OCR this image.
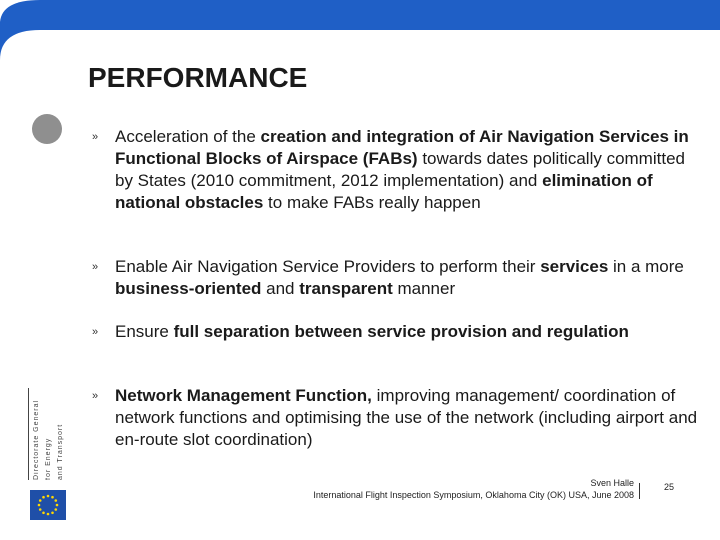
PERFORMANCE
» Acceleration of the creation and integration of Air Navigation Services in Functional Blocks of Airspace (FABs) towards dates politically committed by States (2010 commitment, 2012 implementation) and elimination of national obstacles to make FABs really happen
» Enable Air Navigation Service Providers to perform their services in a more business-oriented and transparent manner
» Ensure full separation between service provision and regulation
» Network Management Function, improving management/ coordination of network functions and optimising the use of the network (including airport and en-route slot coordination)
Directorate General for Energy and Transport
Sven Halle
International Flight Inspection Symposium, Oklahoma City (OK) USA, June 2008
25
